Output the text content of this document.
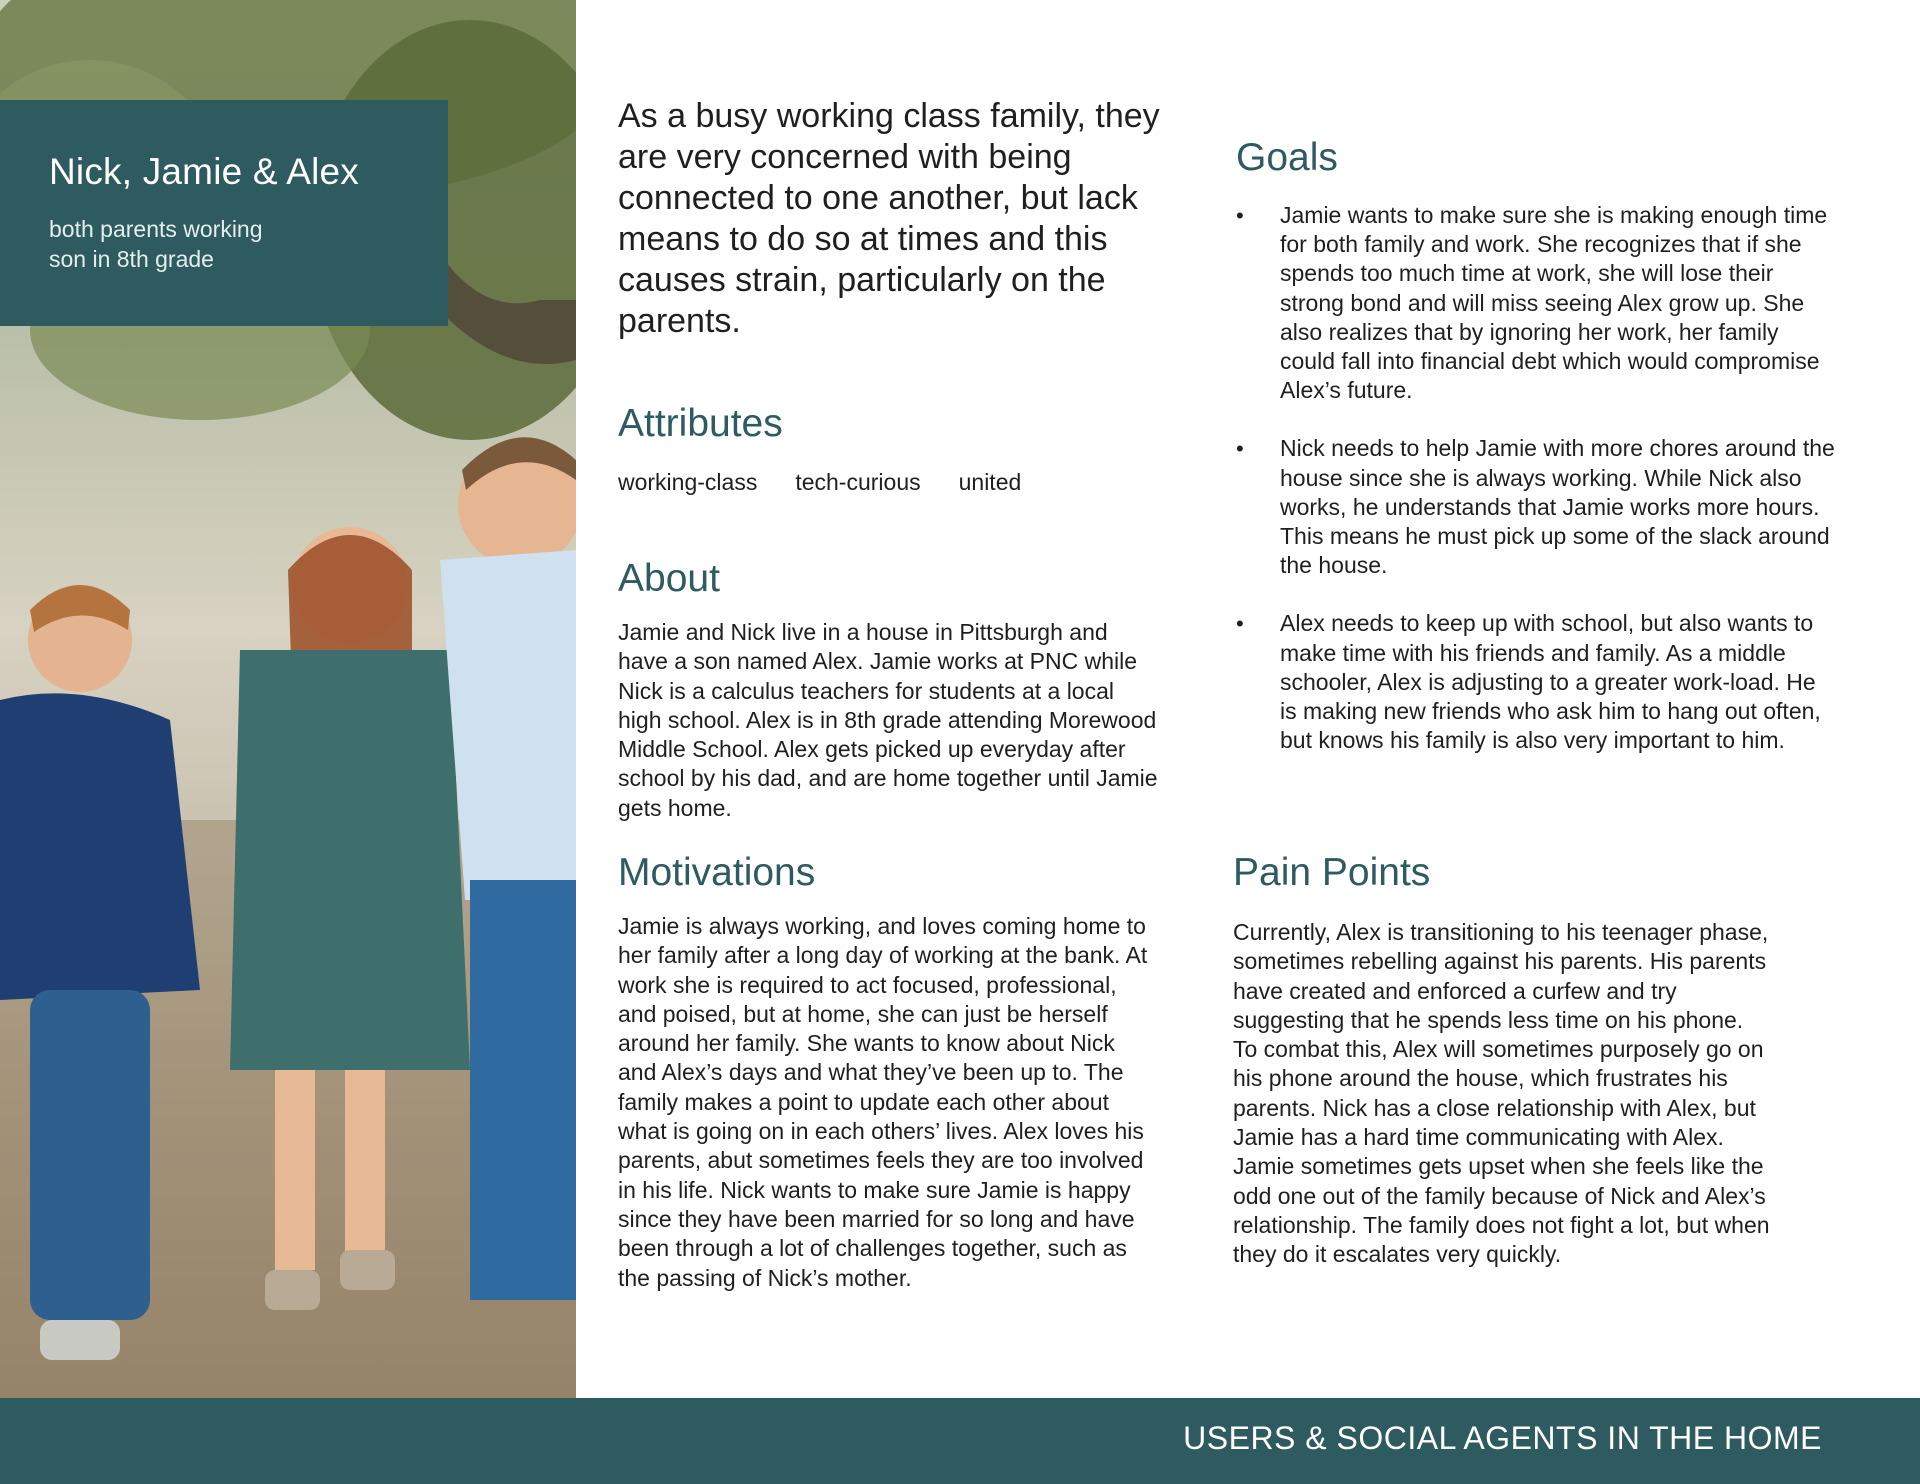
Nick, Jamie & Alex
both parents working
son in 8th grade

As a busy working class family, they are very concerned with being connected to one another, but lack means to do so at times and this causes strain, particularly on the parents.

Attributes
working-class tech-curious united
About

Jamie and Nick live in a house in Pittsburgh and have a son named Alex. Jamie works at PNC while Nick is a calculus teachers for students at a local high school. Alex is in 8th grade attending Morewood Middle School. Alex gets picked up everyday after school by his dad, and are home together until Jamie gets home.

Motivations

Jamie is always working, and loves coming home to her family after a long day of working at the bank. At work she is required to act focused, professional, and poised, but at home, she can just be herself around her family. She wants to know about Nick and Alex’s days and what they’ve been up to. The family makes a point to update each other about what is going on in each others’ lives. Alex loves his parents, abut sometimes feels they are too involved in his life. Nick wants to make sure Jamie is happy since they have been married for so long and have been through a lot of challenges together, such as the passing of Nick’s mother.

Goals
• Jamie wants to make sure she is making enough time for both family and work. She recognizes that if she spends too much time at work, she will lose their strong bond and will miss seeing Alex grow up. She also realizes that by ignoring her work, her family could fall into financial debt which would compromise Alex’s future.
• Nick needs to help Jamie with more chores around the house since she is always working. While Nick also works, he understands that Jamie works more hours. This means he must pick up some of the slack around the house.
• Alex needs to keep up with school, but also wants to make time with his friends and family. As a middle schooler, Alex is adjusting to a greater work-load. He is making new friends who ask him to hang out often, but knows his family is also very important to him.
Pain Points

Currently, Alex is transitioning to his teenager phase, sometimes rebelling against his parents. His parents have created and enforced a curfew and try suggesting that he spends less time on his phone. To combat this, Alex will sometimes purposely go on his phone around the house, which frustrates his parents. Nick has a close relationship with Alex, but Jamie has a hard time communicating with Alex. Jamie sometimes gets upset when she feels like the odd one out of the family because of Nick and Alex’s relationship. The family does not fight a lot, but when they do it escalates very quickly.

USERS & SOCIAL AGENTS IN THE HOME
